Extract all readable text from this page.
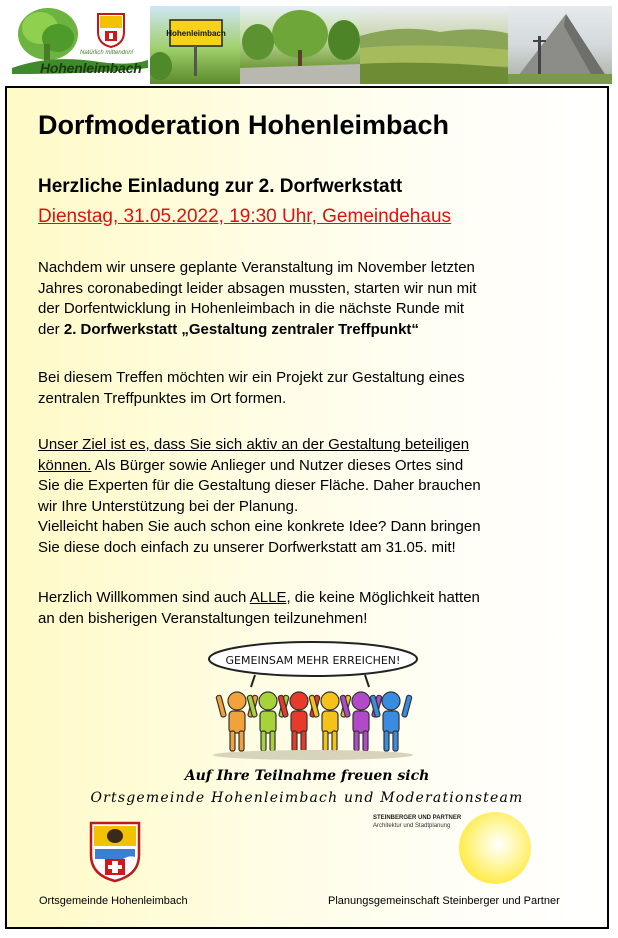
Natürlich mittendrin!
Hohenleimbach
Hohenleimbach
Dorfmoderation Hohenleimbach
Herzliche Einladung zur 2. Dorfwerkstatt
Dienstag, 31.05.2022, 19:30 Uhr, Gemeindehaus
Nachdem wir unsere geplante Veranstaltung im November letzten
Jahres coronabedingt leider absagen mussten, starten wir nun mit
der Dorfentwicklung in Hohenleimbach in die nächste Runde mit
der 2. Dorfwerkstatt „Gestaltung zentraler Treffpunkt“
Bei diesem Treffen möchten wir ein Projekt zur Gestaltung eines
zentralen Treffpunktes im Ort formen.
Unser Ziel ist es, dass Sie sich aktiv an der Gestaltung beteiligen
können. Als Bürger sowie Anlieger und Nutzer dieses Ortes sind
Sie die Experten für die Gestaltung dieser Fläche. Daher brauchen
wir Ihre Unterstützung bei der Planung.
Vielleicht haben Sie auch schon eine konkrete Idee? Dann bringen
Sie diese doch einfach zu unserer Dorfwerkstatt am 31.05. mit!
Herzlich Willkommen sind auch ALLE, die keine Möglichkeit hatten
an den bisherigen Veranstaltungen teilzunehmen!
GEMEINSAM MEHR ERREICHEN!
Auf Ihre Teilnahme freuen sich
Ortsgemeinde Hohenleimbach und Moderationsteam
STEINBERGER UND PARTNER
Architektur und Stadtplanung
Ortsgemeinde Hohenleimbach	Planungsgemeinschaft Steinberger und Partner
